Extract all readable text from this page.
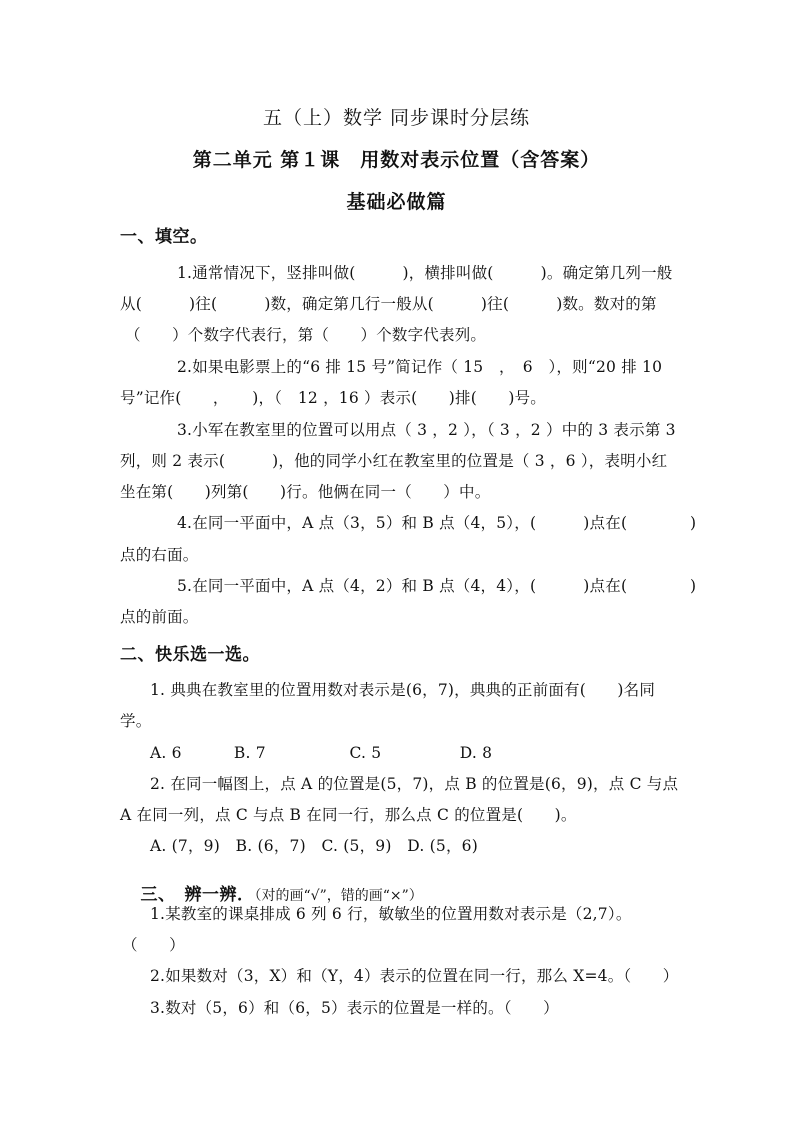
五（上）数学 同步课时分层练
第二单元 第１课　用数对表示位置（含答案）
基础必做篇
一、填空。
1.通常情况下，竖排叫做(　　　)，横排叫做(　　　)。确定第几列一般
从(　　　)往(　　　)数，确定第几行一般从(　　　)往(　　　)数。数对的第
（　　）个数字代表行，第（　　）个数字代表列。
2.如果电影票上的“6 排 15 号”简记作（ 15　，　6　），则“20 排 10
号”记作(　　，　　)，（　12 ，16 ）表示(　　)排(　　)号。
3.小军在教室里的位置可以用点（ 3 ，2 ），（ 3 ，2 ）中的 3 表示第 3
列，则 2 表示(　　　)，他的同学小红在教室里的位置是（ 3 ，6 ），表明小红
坐在第(　　)列第(　　)行。他俩在同一（　　）中。
4.在同一平面中，A 点（3，5）和 B 点（4，5），(　　　)点在(　　　　)
点的右面。
5.在同一平面中，A 点（4，2）和 B 点（4，4），(　　　)点在(　　　　)
点的前面。
二、快乐选一选。
1. 典典在教室里的位置用数对表示是(6，7)，典典的正前面有(　　)名同
学。
A. 6　　　 B. 7　　　　　 C. 5　　　　　D. 8
2. 在同一幅图上，点 A 的位置是(5，7)，点 B 的位置是(6，9)，点 C 与点
A 在同一列，点 C 与点 B 在同一行，那么点 C 的位置是(　　)。
A. (7，9)　B. (6，7)　C. (5，9)　D. (5，6)

三、　辨一辨．（对的画“√”，错的画“×”）

1.某教室的课桌排成 6 列 6 行，敏敏坐的位置用数对表示是（2,7）。
（　　）
2.如果数对（3，X）和（Y，4）表示的位置在同一行，那么 X=4。（　　）
3.数对（5，6）和（6，5）表示的位置是一样的。（　　）
